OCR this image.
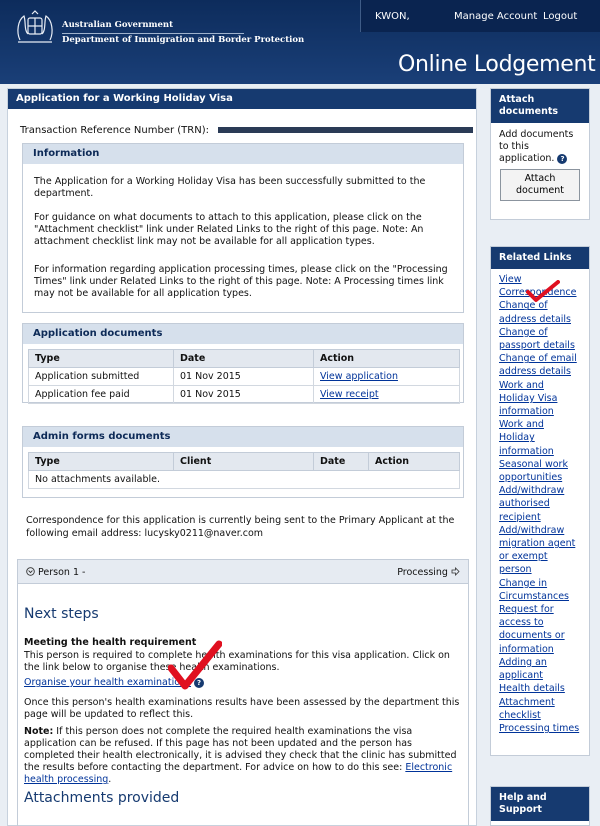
Australian Government
Department of Immigration and Border Protection
KWON,	Manage Account Logout
Online Lodgement
Application for a Working Holiday Visa
Transaction Reference Number (TRN):
Information
The Application for a Working Holiday Visa has been successfully submitted to the department.
For guidance on what documents to attach to this application, please click on the "Attachment checklist" link under Related Links to the right of this page. Note: An attachment checklist link may not be available for all application types.
For information regarding application processing times, please click on the "Processing Times" link under Related Links to the right of this page. Note: A Processing times link may not be available for all application types.
Application documents
Type	Date	Action
Application submitted	01 Nov 2015	View application
Application fee paid	01 Nov 2015	View receipt
Admin forms documents
Type	Client	Date	Action
No attachments available.
Correspondence for this application is currently being sent to the Primary Applicant at the following email address: lucysky0211@naver.com
Person 1 -	Processing
Next steps
Meeting the health requirement
This person is required to complete health examinations for this visa application. Click on the link below to organise these health examinations.
Organise your health examinations ?
Once this person's health examinations results have been assessed by the department this page will be updated to reflect this.
Note: If this person does not complete the required health examinations the visa application can be refused. If this page has not been updated and the person has completed their health electronically, it is advised they check that the clinic has submitted the results before contacting the department. For advice on how to do this see: Electronic health processing.
Attachments provided
Attach documents
Add documents to this application. ?
Attach document
Related Links
View Correspondence
Change of address details
Change of passport details
Change of email address details
Work and Holiday Visa information
Work and Holiday information
Seasonal work opportunities
Add/withdraw authorised recipient
Add/withdraw migration agent or exempt person
Change in Circumstances
Request for access to documents or information
Adding an applicant
Health details
Attachment checklist
Processing times
Help and Support
